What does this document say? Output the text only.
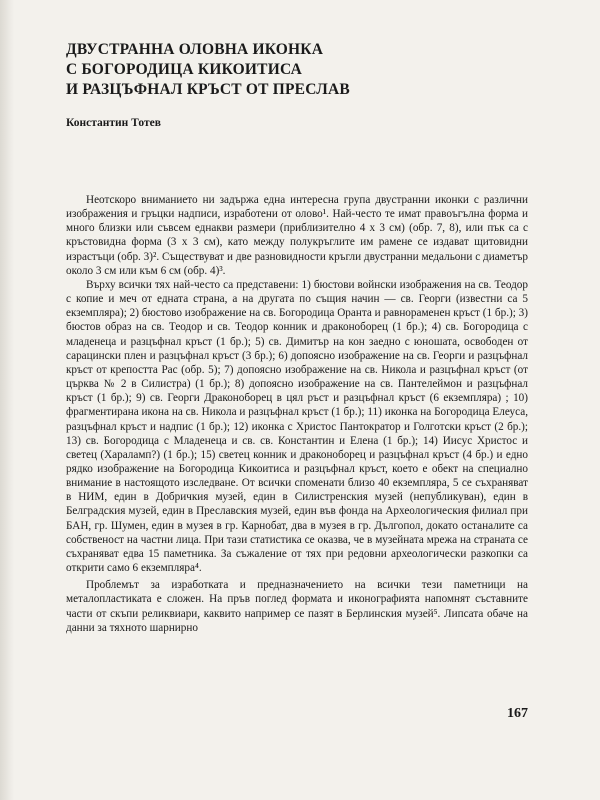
ДВУСТРАННА ОЛОВНА ИКОНКА
С БОГОРОДИЦА КИКОИТИСА
И РАЗЦЪФНАЛ КРЪСТ ОТ ПРЕСЛАВ

Константин Тотев

Неотскоро вниманието ни задържа една интересна група двустранни иконки с различни изображения и гръцки надписи, изработени от олово¹. Най-често те имат правоъгълна форма и много близки или съвсем еднакви размери (приблизително 4 х 3 см) (обр. 7, 8), или пък са с кръстовидна форма (3 х 3 см), като между полукръглите им рамене се издават щитовидни израстъци (обр. 3)². Съществуват и две разновидности кръгли двустранни медальони с диаметър около 3 см или към 6 см (обр. 4)³.

Върху всички тях най-често са представени: 1) бюстови войнски изображения на св. Теодор с копие и меч от едната страна, а на другата по същия начин — св. Георги (известни са 5 екземпляра); 2) бюстово изображение на св. Богородица Оранта и равнораменен кръст (1 бр.); 3) бюстов образ на св. Теодор и св. Теодор конник и драконоборец (1 бр.); 4) св. Богородица с младенеца и разцъфнал кръст (1 бр.); 5) св. Димитър на кон заедно с юношата, освободен от сарацински плен и разцъфнал кръст (3 бр.); 6) допоясно изображение на св. Георги и разцъфнал кръст от крепостта Рас (обр. 5); 7) допоясно изображение на св. Никола и разцъфнал кръст (от църква № 2 в Силистра) (1 бр.); 8) допоясно изображение на св. Пантелеймон и разцъфнал кръст (1 бр.); 9) св. Георги Драконоборец в цял ръст и разцъфнал кръст (6 екземпляра) ; 10) фрагментирана икона на св. Никола и разцъфнал кръст (1 бр.); 11) иконка на Богородица Елеуса, разцъфнал кръст и надпис (1 бр.); 12) иконка с Христос Пантократор и Голготски кръст (2 бр.); 13) св. Богородица с Младенеца и св. св. Константин и Елена (1 бр.); 14) Иисус Христос и светец (Хараламп?) (1 бр.); 15) светец конник и драконоборец и разцъфнал кръст (4 бр.) и едно рядко изображение на Богородица Кикоитиса и разцъфнал кръст, което е обект на специално внимание в настоящото изследване. От всички споменати близо 40 екземпляра, 5 се съхраняват в НИМ, един в Добричкия музей, един в Силистренския музей (непубликуван), един в Белградския музей, един в Преславския музей, един във фонда на Археологическия филиал при БАН, гр. Шумен, един в музея в гр. Карнобат, два в музея в гр. Дългопол, докато останалите са собственост на частни лица. При тази статистика се оказва, че в музейната мрежа на страната се съхраняват едва 15 паметника. За съжаление от тях при редовни археологически разкопки са открити само 6 екземпляра⁴.

Проблемът за изработката и предназначението на всички тези паметници на металопластиката е сложен. На пръв поглед формата и иконографията напомнят съставните части от скъпи реликвиари, каквито например се пазят в Берлинския музей⁵. Липсата обаче на данни за тяхното шарнирно

167
